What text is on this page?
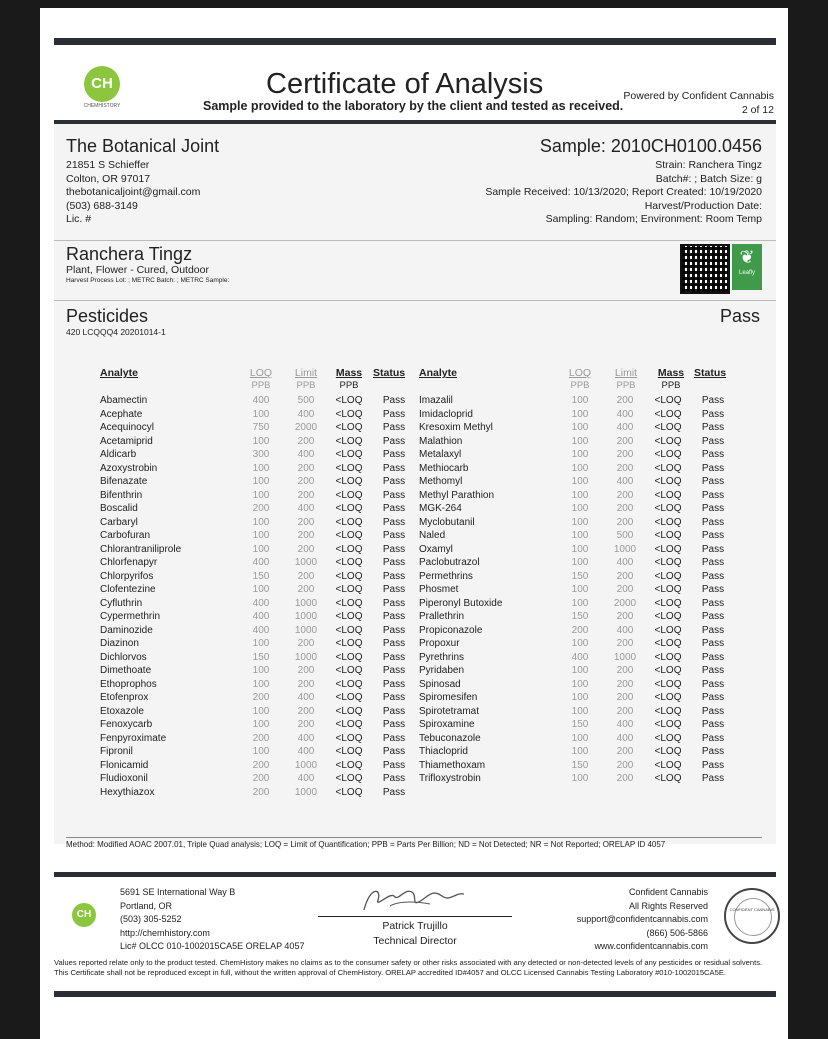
CH
CHEMHISTORY
Certificate of Analysis
Sample provided to the laboratory by the client and tested as received.
Powered by Confident Cannabis
2 of 12
The Botanical Joint
21851 S Schieffer
Colton, OR 97017
thebotanicaljoint@gmail.com
(503) 688-3149
Lic. #
Sample: 2010CH0100.0456
Strain: Ranchera Tingz
Batch#: ; Batch Size: g
Sample Received: 10/13/2020; Report Created: 10/19/2020
Harvest/Production Date:
Sampling: Random; Environment: Room Temp
Ranchera Tingz
Plant, Flower - Cured, Outdoor
Harvest Process Lot: ; METRC Batch: ; METRC Sample:
❦
Leafly
Pesticides
420 LCQQQ4 20201014-1
Pass
Analyte	LOQ	Limit	Mass	Status
PPB	PPB	PPB
Analyte	LOQ	Limit	Mass Status
PPB	PPB	PPB
Abamectin	400	500	<LOQ	Pass
Acephate	100	400	<LOQ	Pass
Acequinocyl	750	2000	<LOQ	Pass
Acetamiprid	100	200	<LOQ	Pass
Aldicarb	300	400	<LOQ	Pass
Azoxystrobin	100	200	<LOQ	Pass
Bifenazate	100	200	<LOQ	Pass
Bifenthrin	100	200	<LOQ	Pass
Boscalid	200	400	<LOQ	Pass
Carbaryl	100	200	<LOQ	Pass
Carbofuran	100	200	<LOQ	Pass
Chlorantraniliprole	100	200	<LOQ	Pass
Chlorfenapyr	400	1000	<LOQ	Pass
Chlorpyrifos	150	200	<LOQ	Pass
Clofentezine	100	200	<LOQ	Pass
Cyfluthrin	400	1000	<LOQ	Pass
Cypermethrin	400	1000	<LOQ	Pass
Daminozide	400	1000	<LOQ	Pass
Diazinon	100	200	<LOQ	Pass
Dichlorvos	150	1000	<LOQ	Pass
Dimethoate	100	200	<LOQ	Pass
Ethoprophos	100	200	<LOQ	Pass
Etofenprox	200	400	<LOQ	Pass
Etoxazole	100	200	<LOQ	Pass
Fenoxycarb	100	200	<LOQ	Pass
Fenpyroximate	200	400	<LOQ	Pass
Fipronil	100	400	<LOQ	Pass
Flonicamid	200	1000	<LOQ	Pass
Fludioxonil	200	400	<LOQ	Pass
Hexythiazox	200	1000	<LOQ	Pass
Imazalil	100	200	<LOQ	Pass
Imidacloprid	100	400	<LOQ	Pass
Kresoxim Methyl	100	400	<LOQ	Pass
Malathion	100	200	<LOQ	Pass
Metalaxyl	100	200	<LOQ	Pass
Methiocarb	100	200	<LOQ	Pass
Methomyl	100	400	<LOQ	Pass
Methyl Parathion	100	200	<LOQ	Pass
MGK-264	100	200	<LOQ	Pass
Myclobutanil	100	200	<LOQ	Pass
Naled	100	500	<LOQ	Pass
Oxamyl	100	1000	<LOQ	Pass
Paclobutrazol	100	400	<LOQ	Pass
Permethrins	150	200	<LOQ	Pass
Phosmet	100	200	<LOQ	Pass
Piperonyl Butoxide	100	2000	<LOQ	Pass
Prallethrin	150	200	<LOQ	Pass
Propiconazole	200	400	<LOQ	Pass
Propoxur	100	200	<LOQ	Pass
Pyrethrins	400	1000	<LOQ	Pass
Pyridaben	100	200	<LOQ	Pass
Spinosad	100	200	<LOQ	Pass
Spiromesifen	100	200	<LOQ	Pass
Spirotetramat	100	200	<LOQ	Pass
Spiroxamine	150	400	<LOQ	Pass
Tebuconazole	100	400	<LOQ	Pass
Thiacloprid	100	200	<LOQ	Pass
Thiamethoxam	150	200	<LOQ	Pass
Trifloxystrobin	100	200	<LOQ	Pass
Method: Modified AOAC 2007.01, Triple Quad analysis; LOQ = Limit of Quantification; PPB = Parts Per Billion; ND = Not Detected; NR = Not Reported; ORELAP ID 4057
CH
5691 SE International Way B
Portland, OR
(503) 305-5252
http://chemhistory.com
Lic# OLCC 010-1002015CA5E ORELAP 4057
Patrick Trujillo
Technical Director
Confident Cannabis
All Rights Reserved
support@confidentcannabis.com
(866) 506-5866
www.confidentcannabis.com
CONFIDENT CANNABIS
Values reported relate only to the product tested. ChemHistory makes no claims as to the consumer safety or other risks associated with any detected or non-detected levels of any pesticides or residual solvents. This Certificate shall not be reproduced except in full, without the written approval of ChemHistory. ORELAP accredited ID#4057 and OLCC Licensed Cannabis Testing Laboratory #010-1002015CA5E.
